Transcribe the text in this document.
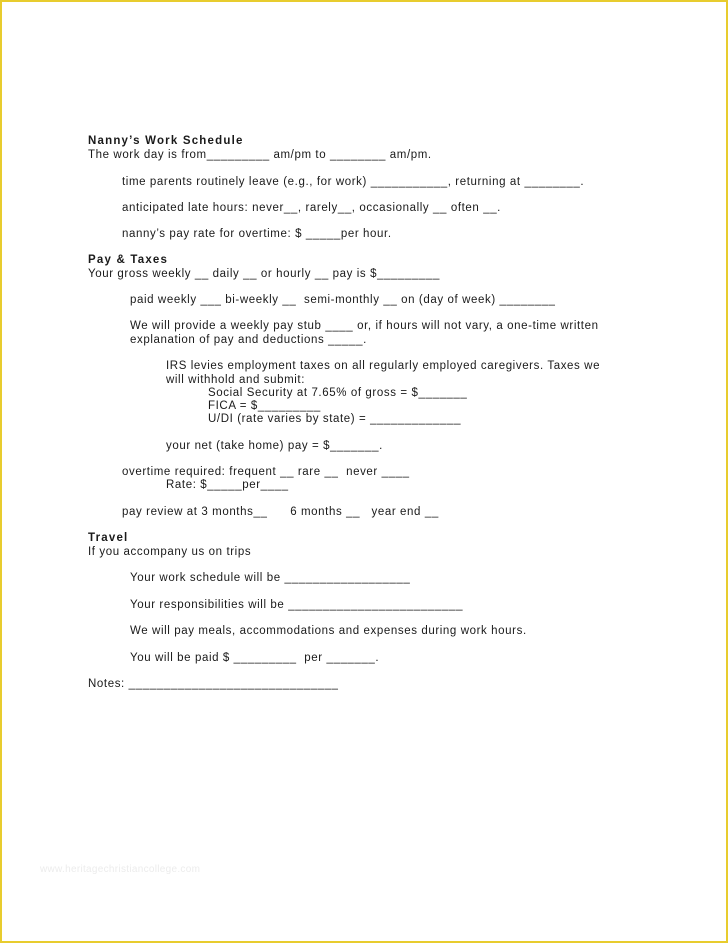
Nanny’s Work Schedule
The work day is from_________ am/pm to ________ am/pm.
time parents routinely leave (e.g., for work) ___________, returning at ________.
anticipated late hours: never__, rarely__, occasionally __ often __.
nanny’s pay rate for overtime: $ _____per hour.
Pay & Taxes
Your gross weekly __ daily __ or hourly __ pay is $_________
paid weekly ___ bi-weekly __  semi-monthly __ on (day of week) ________
We will provide a weekly pay stub ____ or, if hours will not vary, a one-time written
explanation of pay and deductions _____.
IRS levies employment taxes on all regularly employed caregivers. Taxes we
will withhold and submit:
Social Security at 7.65% of gross = $_______
FICA = $_________
U/DI (rate varies by state) = _____________
your net (take home) pay = $_______.
overtime required: frequent __ rare __  never ____
Rate: $_____per____
pay review at 3 months__      6 months __   year end __
Travel
If you accompany us on trips
Your work schedule will be __________________
Your responsibilities will be _________________________
We will pay meals, accommodations and expenses during work hours.
You will be paid $ _________  per _______.
Notes: ______________________________
www.heritagechristiancollege.com
